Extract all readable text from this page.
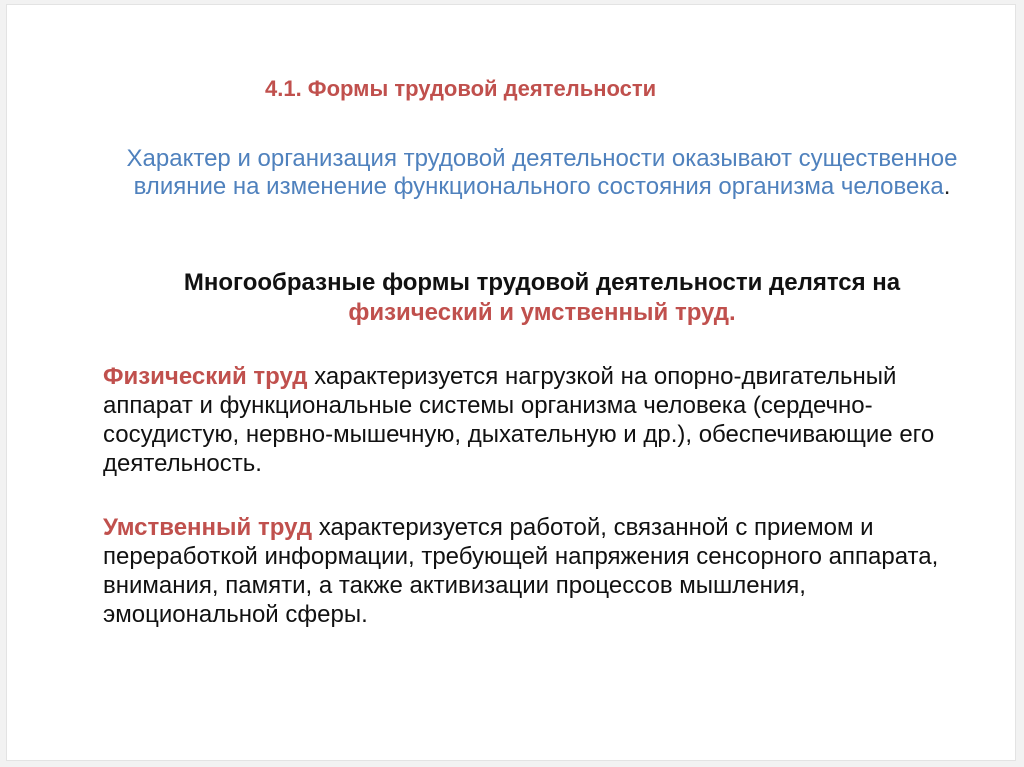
4.1. Формы трудовой деятельности
Характер и организация трудовой деятельности оказывают существенное влияние на изменение функционального состояния организма человека.
Многообразные формы трудовой деятельности делятся на
физический и умственный труд.
Физический труд характеризуется нагрузкой на опорно-двигательный аппарат и функциональные системы организма человека (сердечно-сосудистую, нервно-мышечную, дыхательную и др.), обеспечивающие его деятельность.
Умственный труд характеризуется работой, связанной с приемом и переработкой информации, требующей напряжения сенсорного аппарата, внимания, памяти, а также активизации процессов мышления, эмоциональной сферы.
